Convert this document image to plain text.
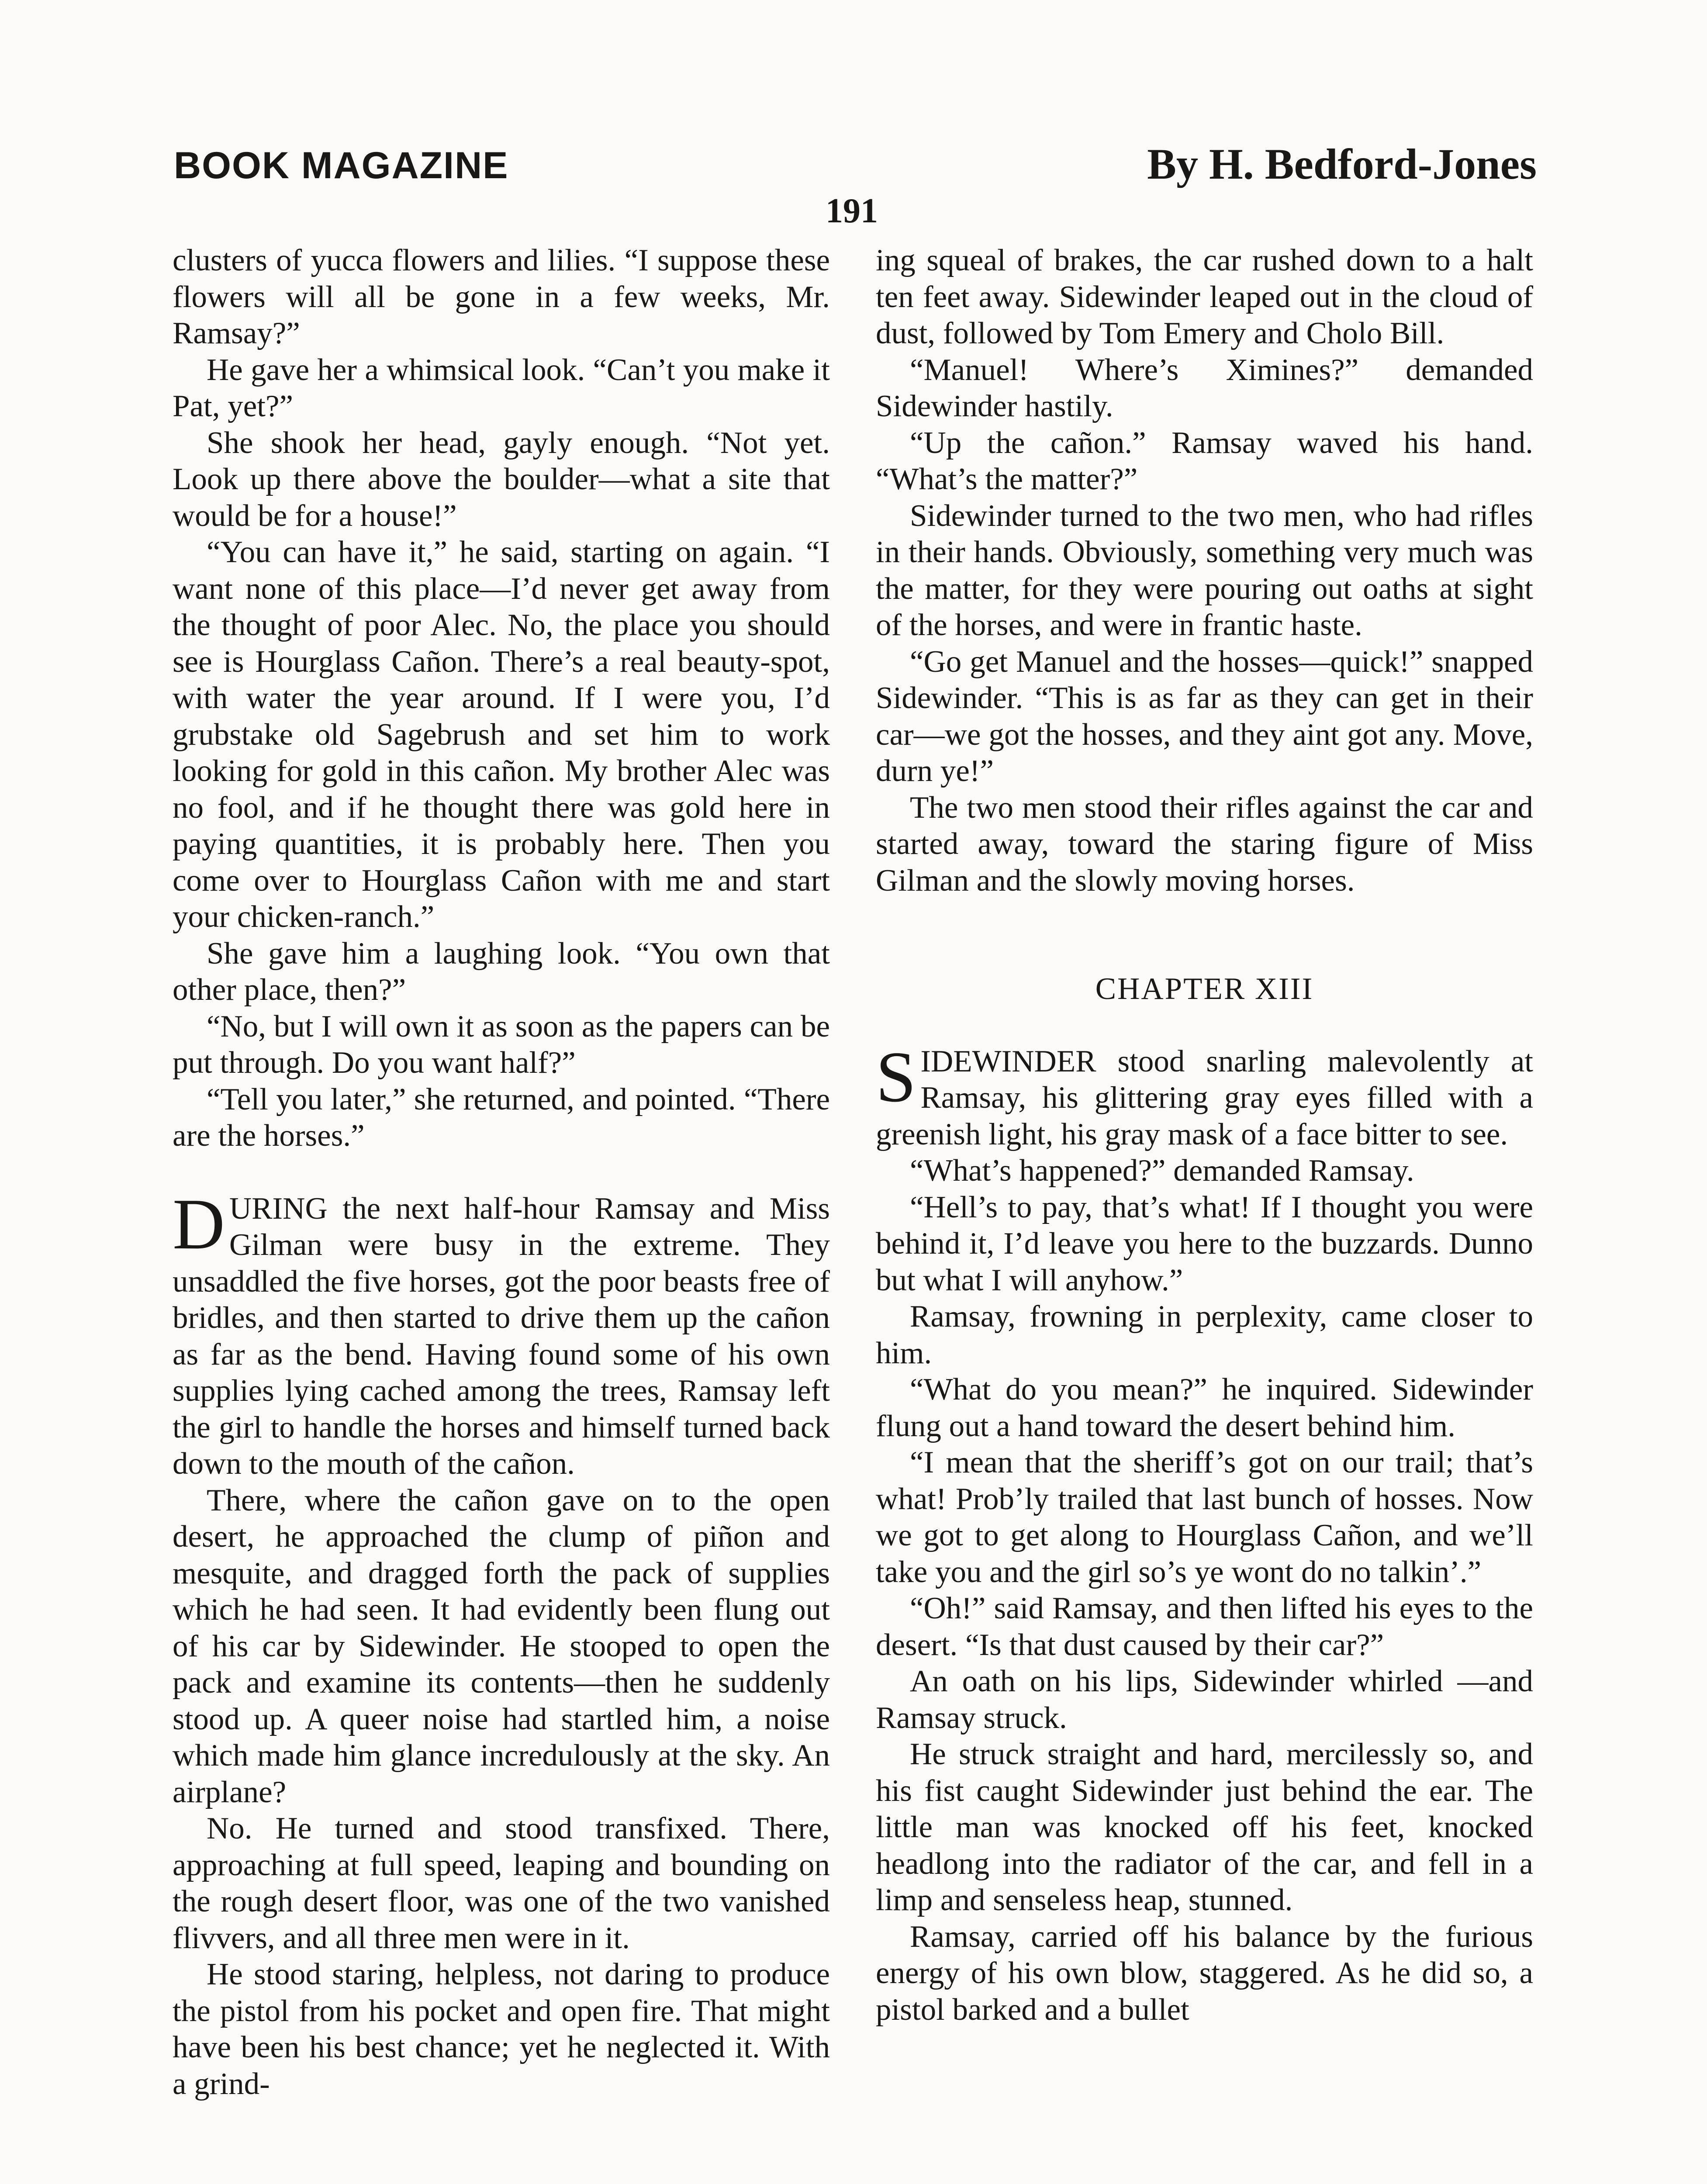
BOOK MAGAZINE	By H. Bedford-Jones
191

clusters of yucca flowers and lilies. “I suppose these flowers will all be gone in a few weeks, Mr. Ramsay?”

He gave her a whimsical look. “Can’t you make it Pat, yet?”

She shook her head, gayly enough. “Not yet. Look up there above the boulder—what a site that would be for a house!”

“You can have it,” he said, starting on again. “I want none of this place—I’d never get away from the thought of poor Alec. No, the place you should see is Hourglass Cañon. There’s a real beauty-spot, with water the year around. If I were you, I’d grubstake old Sagebrush and set him to work looking for gold in this cañon. My brother Alec was no fool, and if he thought there was gold here in paying quantities, it is probably here. Then you come over to Hourglass Cañon with me and start your chicken-ranch.”

She gave him a laughing look. “You own that other place, then?”

“No, but I will own it as soon as the papers can be put through. Do you want half?”

“Tell you later,” she returned, and pointed. “There are the horses.”

DURING the next half-hour Ramsay and Miss Gilman were busy in the extreme. They unsaddled the five horses, got the poor beasts free of bridles, and then started to drive them up the cañon as far as the bend. Having found some of his own supplies lying cached among the trees, Ramsay left the girl to handle the horses and himself turned back down to the mouth of the cañon.

There, where the cañon gave on to the open desert, he approached the clump of piñon and mesquite, and dragged forth the pack of supplies which he had seen. It had evidently been flung out of his car by Sidewinder. He stooped to open the pack and examine its contents—then he suddenly stood up. A queer noise had startled him, a noise which made him glance incredulously at the sky. An airplane?

No. He turned and stood transfixed. There, approaching at full speed, leaping and bounding on the rough desert floor, was one of the two vanished flivvers, and all three men were in it.

He stood staring, helpless, not daring to produce the pistol from his pocket and open fire. That might have been his best chance; yet he neglected it. With a grind-

ing squeal of brakes, the car rushed down to a halt ten feet away. Sidewinder leaped out in the cloud of dust, followed by Tom Emery and Cholo Bill.

“Manuel! Where’s Ximines?” demanded Sidewinder hastily.

“Up the cañon.” Ramsay waved his hand. “What’s the matter?”

Sidewinder turned to the two men, who had rifles in their hands. Obviously, something very much was the matter, for they were pouring out oaths at sight of the horses, and were in frantic haste.

“Go get Manuel and the hosses—quick!” snapped Sidewinder. “This is as far as they can get in their car—we got the hosses, and they aint got any. Move, durn ye!”

The two men stood their rifles against the car and started away, toward the staring figure of Miss Gilman and the slowly moving horses.

CHAPTER XIII

SIDEWINDER stood snarling malevolently at Ramsay, his glittering gray eyes filled with a greenish light, his gray mask of a face bitter to see.

“What’s happened?” demanded Ramsay.

“Hell’s to pay, that’s what! If I thought you were behind it, I’d leave you here to the buzzards. Dunno but what I will anyhow.”

Ramsay, frowning in perplexity, came closer to him.

“What do you mean?” he inquired. Sidewinder flung out a hand toward the desert behind him.

“I mean that the sheriff’s got on our trail; that’s what! Prob’ly trailed that last bunch of hosses. Now we got to get along to Hourglass Cañon, and we’ll take you and the girl so’s ye wont do no talkin’.”

“Oh!” said Ramsay, and then lifted his eyes to the desert. “Is that dust caused by their car?”

An oath on his lips, Sidewinder whirled —and Ramsay struck.

He struck straight and hard, mercilessly so, and his fist caught Sidewinder just behind the ear. The little man was knocked off his feet, knocked headlong into the radiator of the car, and fell in a limp and senseless heap, stunned.

Ramsay, carried off his balance by the furious energy of his own blow, staggered. As he did so, a pistol barked and a bullet
